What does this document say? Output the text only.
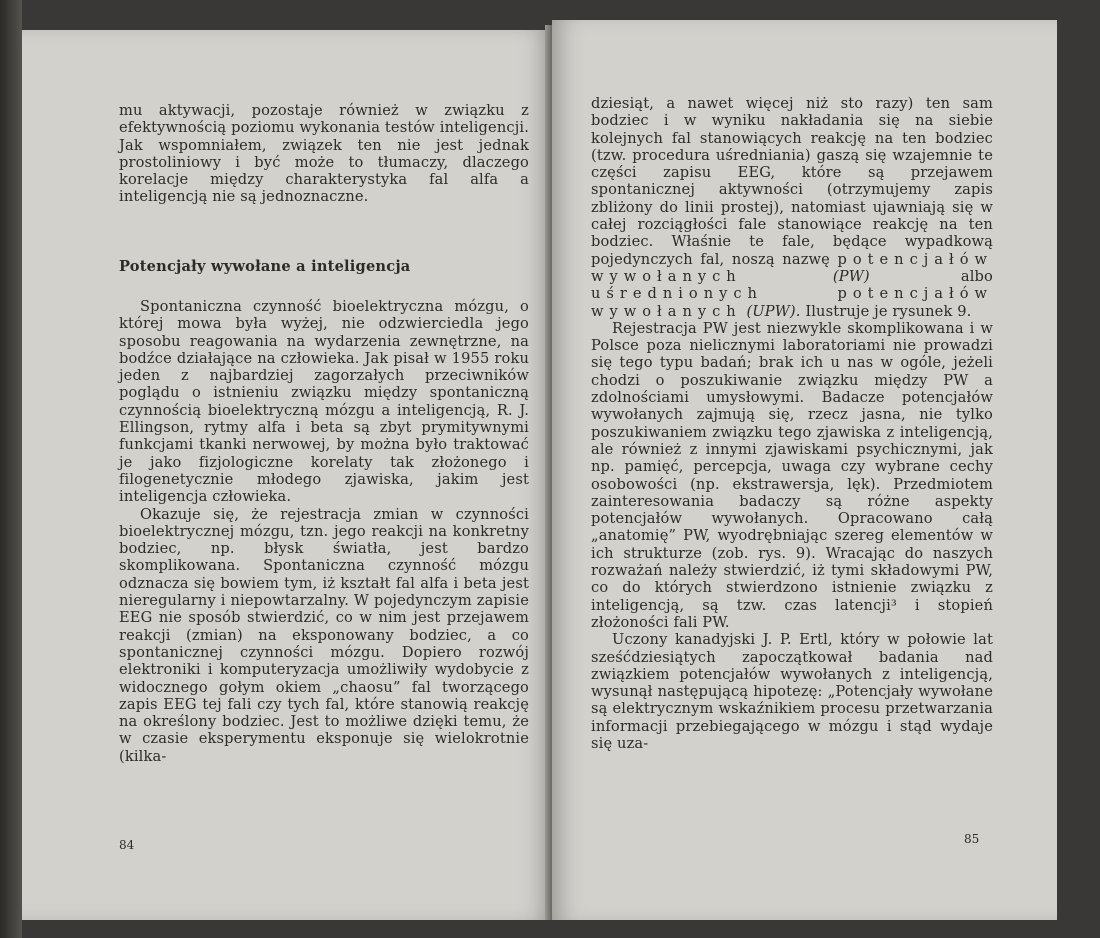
mu aktywacji, pozostaje również w związku z efektywnością poziomu wykonania testów inteligencji. Jak wspomniałem, związek ten nie jest jednak prostoliniowy i być może to tłumaczy, dlaczego korelacje między charakterystyka fal alfa a inteligencją nie są jednoznaczne.

Potencjały wywołane a inteligencja

Spontaniczna czynność bioelektryczna mózgu, o której mowa była wyżej, nie odzwierciedla jego sposobu reagowania na wydarzenia zewnętrzne, na bodźce działające na człowieka. Jak pisał w 1955 roku jeden z najbardziej zagorzałych przeciwników poglądu o istnieniu związku między spontaniczną czynnością bioelektryczną mózgu a inteligencją, R. J. Ellingson, rytmy alfa i beta są zbyt prymitywnymi funkcjami tkanki nerwowej, by można było traktować je jako fizjologiczne korelaty tak złożonego i filogenetycznie młodego zjawiska, jakim jest inteligencja człowieka.

Okazuje się, że rejestracja zmian w czynności bioelektrycznej mózgu, tzn. jego reakcji na konkretny bodziec, np. błysk światła, jest bardzo skomplikowana. Spontaniczna czynność mózgu odznacza się bowiem tym, iż kształt fal alfa i beta jest nieregularny i niepowtarzalny. W pojedynczym zapisie EEG nie sposób stwierdzić, co w nim jest przejawem reakcji (zmian) na eksponowany bodziec, a co spontanicznej czynności mózgu. Dopiero rozwój elektroniki i komputeryzacja umożliwiły wydobycie z widocznego gołym okiem „chaosu” fal tworzącego zapis EEG tej fali czy tych fal, które stanowią reakcję na określony bodziec. Jest to możliwe dzięki temu, że w czasie eksperymentu eksponuje się wielokrotnie (kilka-

84

dziesiąt, a nawet więcej niż sto razy) ten sam bodziec i w wyniku nakładania się na siebie kolejnych fal stanowiących reakcję na ten bodziec (tzw. procedura uśredniania) gaszą się wzajemnie te części zapisu EEG, które są przejawem spontanicznej aktywności (otrzymujemy zapis zbliżony do linii prostej), natomiast ujawniają się w całej rozciągłości fale stanowiące reakcję na ten bodziec. Właśnie te fale, będące wypadkową pojedynczych fal, noszą nazwę potencjałów wywołanych	(PW)	albo uśrednionych potencjałów wywołanych (UPW). Ilustruje je rysunek 9.

Rejestracja PW jest niezwykle skomplikowana i w Polsce poza nielicznymi laboratoriami nie prowadzi się tego typu badań; brak ich u nas w ogóle, jeżeli chodzi o poszukiwanie związku między PW a zdolnościami umysłowymi. Badacze potencjałów wywołanych zajmują się, rzecz jasna, nie tylko poszukiwaniem związku tego zjawiska z inteligencją, ale również z innymi zjawiskami psychicznymi, jak np. pamięć, percepcja, uwaga czy wybrane cechy osobowości (np. ekstrawersja, lęk). Przedmiotem zainteresowania badaczy są różne aspekty potencjałów wywołanych. Opracowano całą „anatomię” PW, wyodrębniając szereg elementów w ich strukturze (zob. rys. 9). Wracając do naszych rozważań należy stwierdzić, iż tymi składowymi PW, co do których stwierdzono istnienie związku z inteligencją, są tzw. czas latencji³ i stopień złożoności fali PW.

Uczony kanadyjski J. P. Ertl, który w połowie lat sześćdziesiątych zapoczątkował badania nad związkiem potencjałów wywołanych z inteligencją, wysunął następującą hipotezę: „Potencjały wywołane są elektrycznym wskaźnikiem procesu przetwarzania informacji przebiegającego w mózgu i stąd wydaje się uza-

85
